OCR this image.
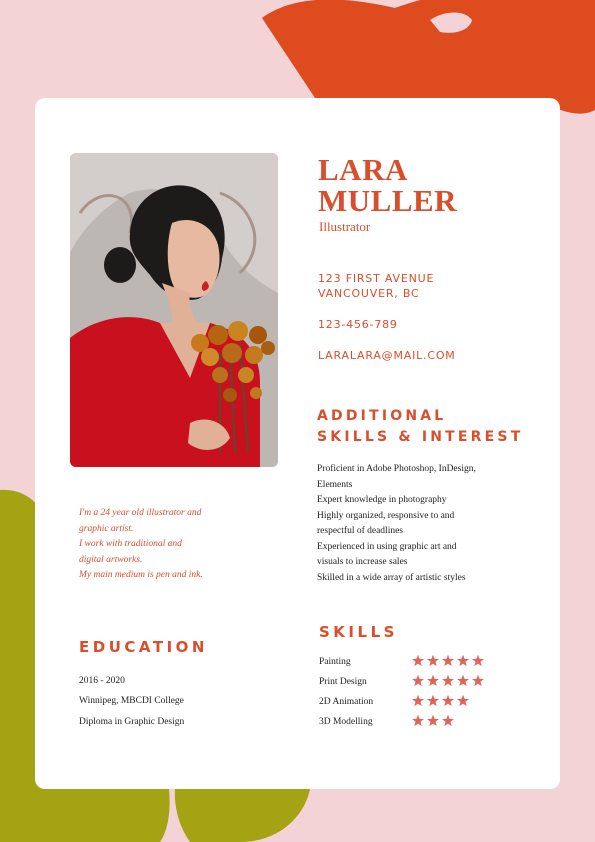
LARA
MULLER
Illustrator
123 FIRST AVENUE
VANCOUVER, BC
123-456-789
LARALARA@MAIL.COM
ADDITIONAL
SKILLS & INTEREST
Proficient in Adobe Photoshop, InDesign,
Elements
Expert knowledge in photography
Highly organized, responsive to and
respectful of deadlines
Experienced in using graphic art and
visuals to increase sales
Skilled in a wide array of artistic styles
I'm a 24 year old illustrator and
graphic artist.
I work with traditional and
digital artworks.
My main medium is pen and ink.
EDUCATION
2016 - 2020
Winnipeg, MBCDI College
Diploma in Graphic Design
SKILLS
Painting
Print Design
2D Animation
3D Modelling
